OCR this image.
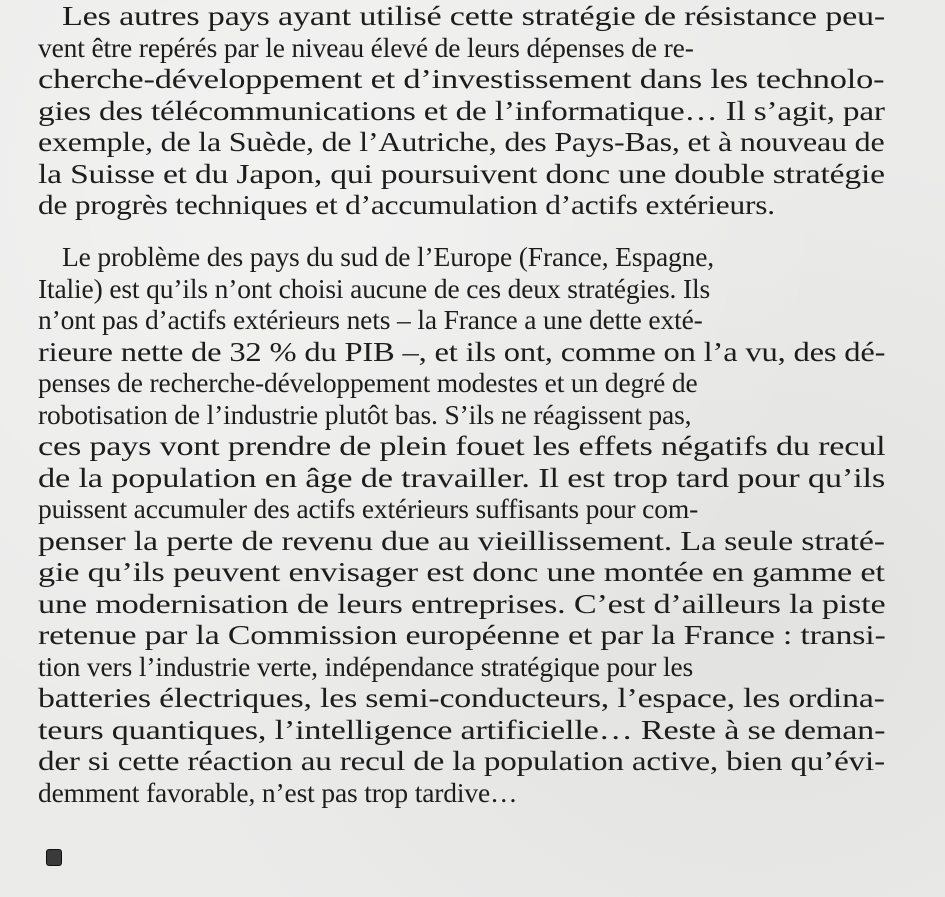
Les autres pays ayant utilisé cette stratégie de résistance peu-
vent être repérés par le niveau élevé de leurs dépenses de re-
cherche-développement et d’investissement dans les technolo-
gies des télécommunications et de l’informatique… Il s’agit, par
exemple, de la Suède, de l’Autriche, des Pays-Bas, et à nouveau de
la Suisse et du Japon, qui poursuivent donc une double stratégie
de progrès techniques et d’accumulation d’actifs extérieurs.
Le problème des pays du sud de l’Europe (France, Espagne,
Italie) est qu’ils n’ont choisi aucune de ces deux stratégies. Ils
n’ont pas d’actifs extérieurs nets – la France a une dette exté-
rieure nette de 32 % du PIB –, et ils ont, comme on l’a vu, des dé-
penses de recherche-développement modestes et un degré de
robotisation de l’industrie plutôt bas. S’ils ne réagissent pas,
ces pays vont prendre de plein fouet les effets négatifs du recul
de la population en âge de travailler. Il est trop tard pour qu’ils
puissent accumuler des actifs extérieurs suffisants pour com-
penser la perte de revenu due au vieillissement. La seule straté-
gie qu’ils peuvent envisager est donc une montée en gamme et
une modernisation de leurs entreprises. C’est d’ailleurs la piste
retenue par la Commission européenne et par la France : transi-
tion vers l’industrie verte, indépendance stratégique pour les
batteries électriques, les semi-conducteurs, l’espace, les ordina-
teurs quantiques, l’intelligence artificielle… Reste à se deman-
der si cette réaction au recul de la population active, bien qu’évi-
demment favorable, n’est pas trop tardive…
